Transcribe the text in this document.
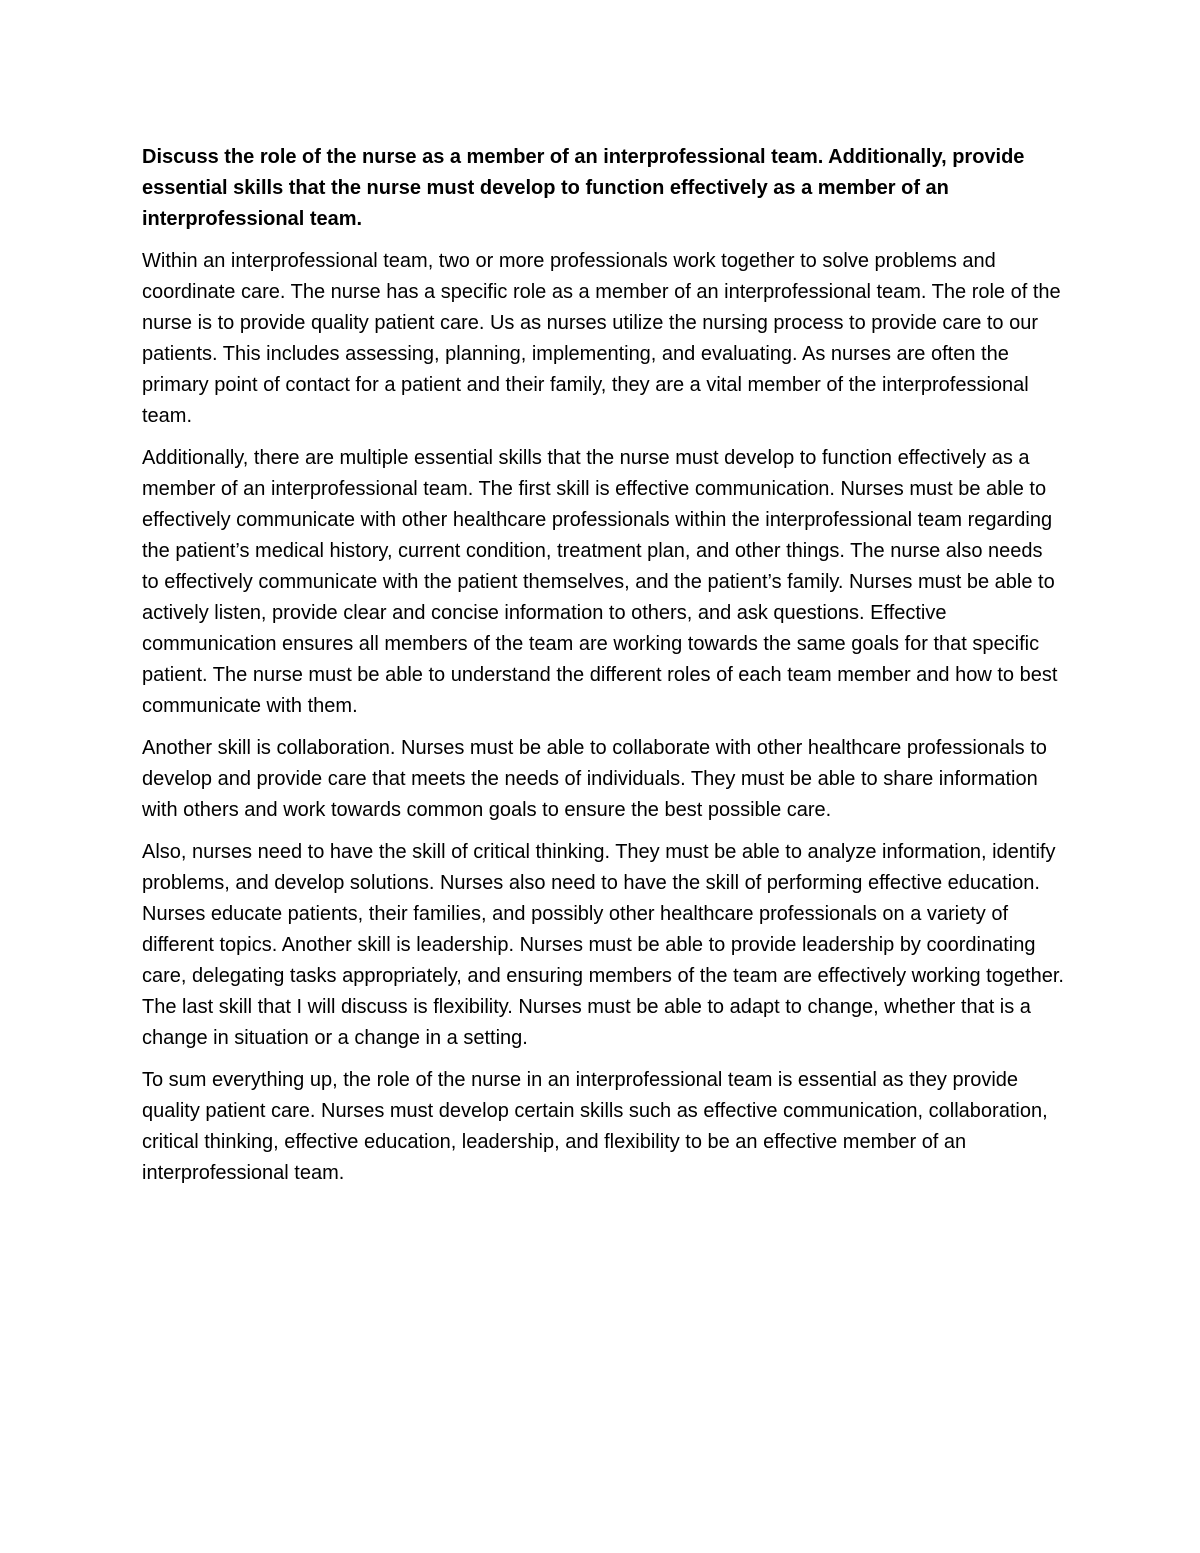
Discuss the role of the nurse as a member of an interprofessional team. Additionally, provide essential skills that the nurse must develop to function effectively as a member of an interprofessional team.

Within an interprofessional team, two or more professionals work together to solve problems and coordinate care. The nurse has a specific role as a member of an interprofessional team. The role of the nurse is to provide quality patient care. Us as nurses utilize the nursing process to provide care to our patients. This includes assessing, planning, implementing, and evaluating. As nurses are often the primary point of contact for a patient and their family, they are a vital member of the interprofessional team.

Additionally, there are multiple essential skills that the nurse must develop to function effectively as a member of an interprofessional team. The first skill is effective communication. Nurses must be able to effectively communicate with other healthcare professionals within the interprofessional team regarding the patient’s medical history, current condition, treatment plan, and other things. The nurse also needs to effectively communicate with the patient themselves, and the patient’s family. Nurses must be able to actively listen, provide clear and concise information to others, and ask questions. Effective communication ensures all members of the team are working towards the same goals for that specific patient. The nurse must be able to understand the different roles of each team member and how to best communicate with them.

Another skill is collaboration. Nurses must be able to collaborate with other healthcare professionals to develop and provide care that meets the needs of individuals. They must be able to share information with others and work towards common goals to ensure the best possible care.

Also, nurses need to have the skill of critical thinking. They must be able to analyze information, identify problems, and develop solutions. Nurses also need to have the skill of performing effective education. Nurses educate patients, their families, and possibly other healthcare professionals on a variety of different topics. Another skill is leadership. Nurses must be able to provide leadership by coordinating care, delegating tasks appropriately, and ensuring members of the team are effectively working together. The last skill that I will discuss is flexibility. Nurses must be able to adapt to change, whether that is a change in situation or a change in a setting.

To sum everything up, the role of the nurse in an interprofessional team is essential as they provide quality patient care. Nurses must develop certain skills such as effective communication, collaboration, critical thinking, effective education, leadership, and flexibility to be an effective member of an interprofessional team.
